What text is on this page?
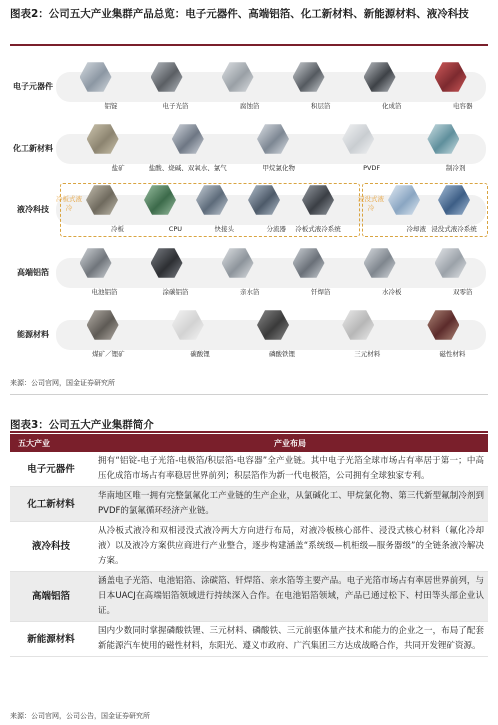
图表2：公司五大产业集群产品总览：电子元器件、高端铝箔、化工新材料、新能源材料、液冷科技
电子元器件
铝锭	电子光箔	腐蚀箔	积层箔	化成箔	电容器
化工新材料
盐矿	盐酸、烧碱、双氧水、氯气	甲烷氯化物	PVDF	制冷剂
液冷科技
冷板式液冷
浸没式液冷
冷板	CPU	快接头	分流器 冷板式液冷系统	冷却液 浸没式液冷系统
高端铝箔
电池铝箔	涂碳铝箔	亲水箔	钎焊箔	水冷板	双零箔
能源材料
煤矿／锂矿	碳酸锂	磷酸铁锂	三元材料	磁性材料
来源：公司官网，国金证券研究所
图表3：公司五大产业集群简介
五大产业	产业布局
电子元器件	拥有“铝锭-电子光箔-电极箔/积层箔-电容器”全产业链。其中电子光箔全球市场占有率居于第一；中高压化成箔市场占有率稳居世界前列；积层箔作为新一代电极箔，公司拥有全球独家专利。
化工新材料	华南地区唯一拥有完整氯氟化工产业链的生产企业，从氯碱化工、甲烷氯化物、第三代新型氟制冷剂到PVDF的氯氟循环经济产业链。
液冷科技	从冷板式液冷和双相浸没式液冷两大方向进行布局，对液冷板核心部件、浸没式核心材料（氟化冷却液）以及液冷方案供应商进行产业整合，逐步构建涵盖“系统级—机柜级—服务器级”的全链条液冷解决方案。
高端铝箔	涵盖电子光箔、电池铝箔、涂碳箔、钎焊箔、亲水箔等主要产品。电子光箔市场占有率居世界前列，与日本UACJ在高端铝箔领域进行持续深入合作。在电池铝箔领域，产品已通过松下、村田等头部企业认证。
新能源材料	国内少数同时掌握磷酸铁锂、三元材料、磷酸铁、三元前驱体量产技术和能力的企业之一，布局了配套新能源汽车使用的磁性材料，东阳光、遵义市政府、广汽集团三方达成战略合作，共同开发锂矿资源。
来源：公司官网，公司公告，国金证券研究所
